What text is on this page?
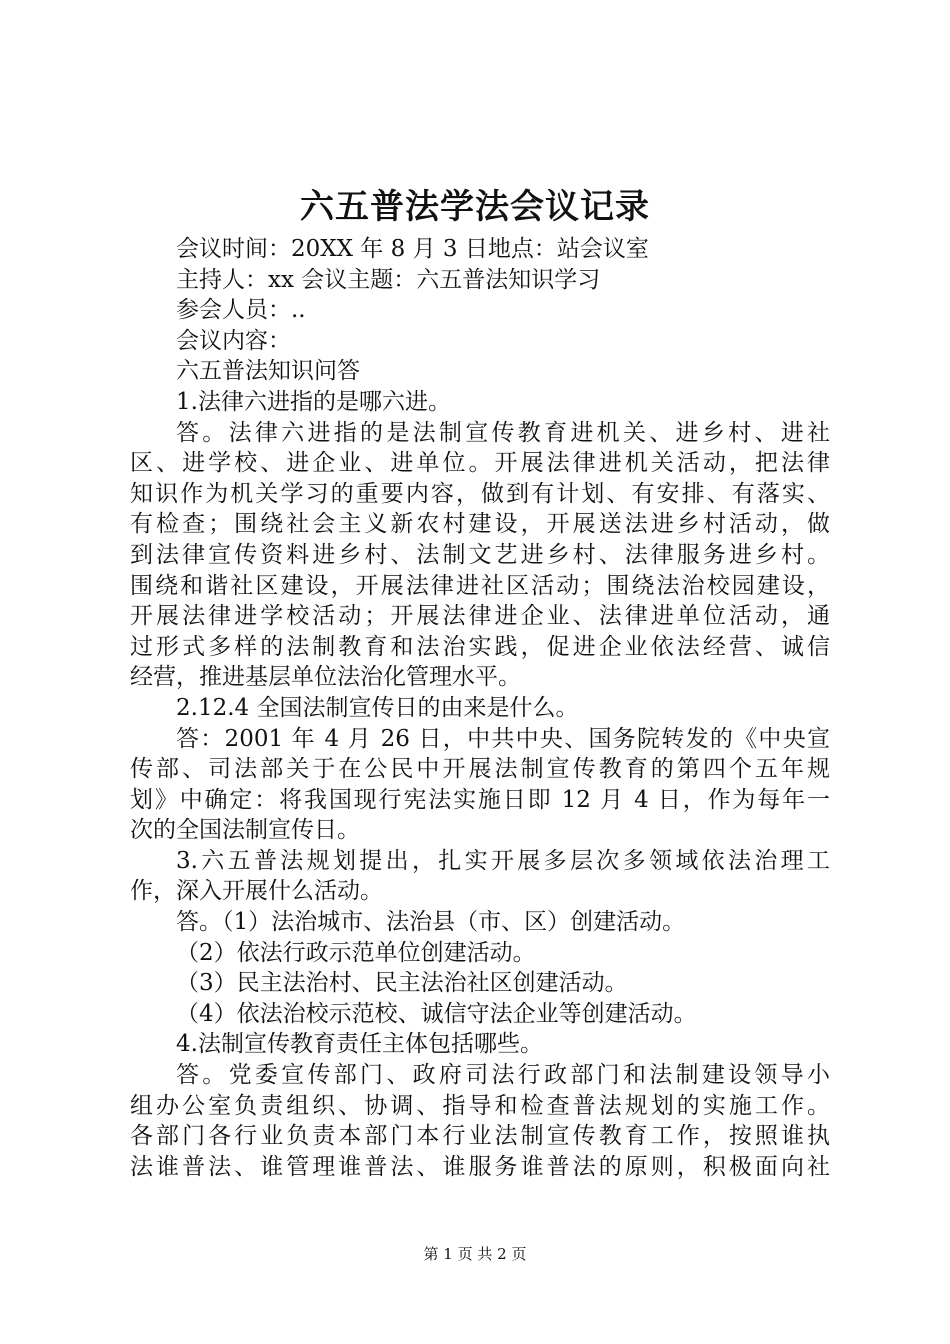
六五普法学法会议记录
会议时间：20XX 年 8 月 3 日地点：站会议室
主持人：xx 会议主题：六五普法知识学习
参会人员：..
会议内容：
六五普法知识问答
1.法律六进指的是哪六进。
答。法律六进指的是法制宣传教育进机关、进乡村、进社
区、进学校、进企业、进单位。开展法律进机关活动，把法律
知识作为机关学习的重要内容，做到有计划、有安排、有落实、
有检查；围绕社会主义新农村建设，开展送法进乡村活动，做
到法律宣传资料进乡村、法制文艺进乡村、法律服务进乡村。
围绕和谐社区建设，开展法律进社区活动；围绕法治校园建设，
开展法律进学校活动；开展法律进企业、法律进单位活动，通
过形式多样的法制教育和法治实践，促进企业依法经营、诚信
经营，推进基层单位法治化管理水平。
2.12.4 全国法制宣传日的由来是什么。
答：2001 年 4 月 26 日，中共中央、国务院转发的《中央宣
传部、司法部关于在公民中开展法制宣传教育的第四个五年规
划》中确定：将我国现行宪法实施日即 12 月 4 日，作为每年一
次的全国法制宣传日。
3.六五普法规划提出，扎实开展多层次多领域依法治理工
作，深入开展什么活动。
答。（1）法治城市、法治县（市、区）创建活动。
（2）依法行政示范单位创建活动。
（3）民主法治村、民主法治社区创建活动。
（4）依法治校示范校、诚信守法企业等创建活动。
4.法制宣传教育责任主体包括哪些。
答。党委宣传部门、政府司法行政部门和法制建设领导小
组办公室负责组织、协调、指导和检查普法规划的实施工作。
各部门各行业负责本部门本行业法制宣传教育工作，按照谁执
法谁普法、谁管理谁普法、谁服务谁普法的原则，积极面向社
第 1 页 共 2 页
